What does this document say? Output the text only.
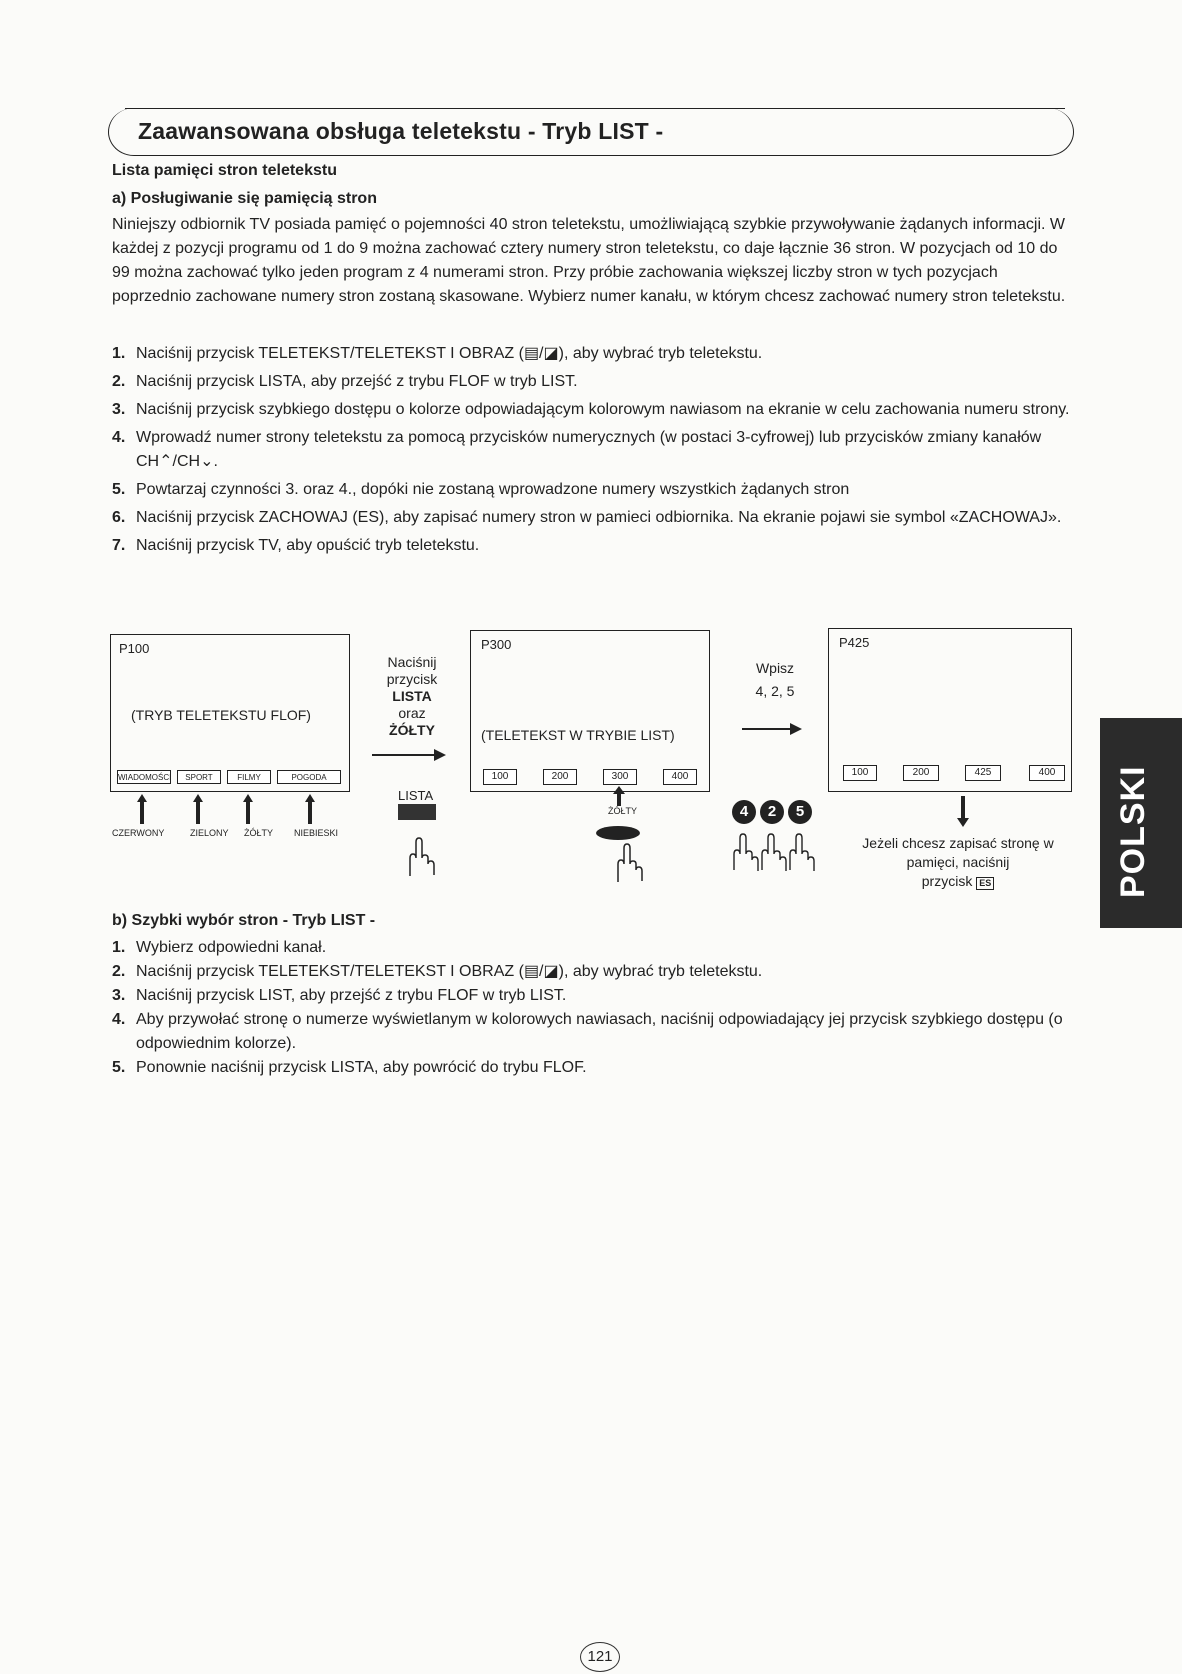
Zaawansowana obsługa teletekstu - Tryb LIST -
Lista pamięci stron teletekstu
a) Posługiwanie się pamięcią stron
Niniejszy odbiornik TV posiada pamięć o pojemności 40 stron teletekstu, umożliwiającą szybkie przywoływanie żądanych informacji. W każdej z pozycji programu od 1 do 9 można zachować cztery numery stron teletekstu, co daje łącznie 36 stron. W pozycjach od 10 do 99 można zachować tylko jeden program z 4 numerami stron. Przy próbie zachowania większej liczby stron w tych pozycjach poprzednio zachowane numery stron zostaną skasowane. Wybierz numer kanału, w którym chcesz zachować numery stron teletekstu.
1. Naciśnij przycisk TELETEKST/TELETEKST I OBRAZ (▤/◪), aby wybrać tryb teletekstu.
2. Naciśnij przycisk LISTA, aby przejść z trybu FLOF w tryb LIST.
3. Naciśnij przycisk szybkiego dostępu o kolorze odpowiadającym kolorowym nawiasom na ekranie w celu zachowania numeru strony.
4. Wprowadź numer strony teletekstu za pomocą przycisków numerycznych (w postaci 3-cyfrowej) lub przycisków zmiany kanałów CH⌃/CH⌄.
5. Powtarzaj czynności 3. oraz 4., dopóki nie zostaną wprowadzone numery wszystkich żądanych stron
6. Naciśnij przycisk ZACHOWAJ (ES), aby zapisać numery stron w pamieci odbiornika. Na ekranie pojawi sie symbol «ZACHOWAJ».
7. Naciśnij przycisk TV, aby opuścić tryb teletekstu.
P100
(TRYB TELETEKSTU FLOF)
WIADOMOŚCI	SPORT	FILMY	POGODA
CZERWONY	ZIELONY ŻÓŁTY NIEBIESKI
Naciśnij
przycisk
LISTA
oraz
ŻÓŁTY
LISTA
P300
(TELETEKST W TRYBIE LIST)
100	200	300	400
ŻÓŁTY
Wpisz
4, 2, 5
4	2	5
P425
100	200	425	400
Jeżeli chcesz zapisać stronę w
pamięci, naciśnij
przycisk ES
b) Szybki wybór stron - Tryb LIST -
1. Wybierz odpowiedni kanał.
2. Naciśnij przycisk TELETEKST/TELETEKST I OBRAZ (▤/◪), aby wybrać tryb teletekstu.
3. Naciśnij przycisk LIST, aby przejść z trybu FLOF w tryb LIST.
4. Aby przywołać stronę o numerze wyświetlanym w kolorowych nawiasach, naciśnij odpowiadający jej przycisk szybkiego dostępu (o odpowiednim kolorze).
5. Ponownie naciśnij przycisk LISTA, aby powrócić do trybu FLOF.
POLSKI
121
